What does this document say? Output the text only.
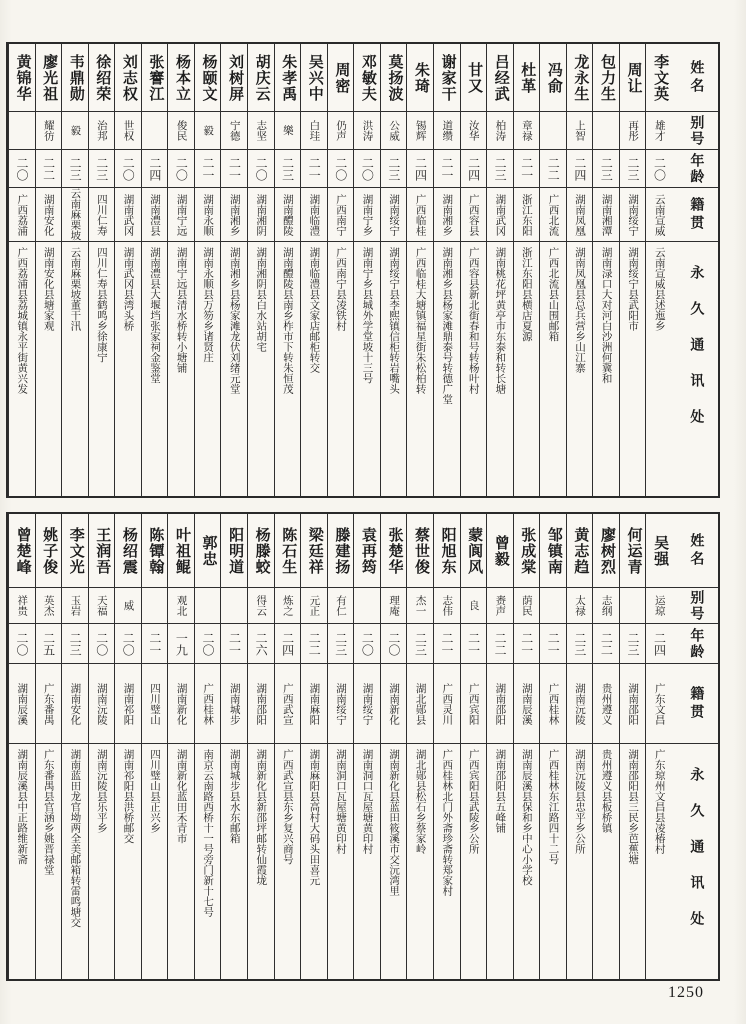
姓名
别号
年龄
籍贯
永久通讯处
李文英
雄才
二〇
云南宣威
云南宣威县述迤乡
周让
再彤
二三
湖南绥宁
湖南绥宁县武阳市
包力生
二三
湖南湘潭
湖南渌口大对河白沙洲何冀和
龙永生
上智
二四
湖南凤凰
湖南凤凰县总兵营乡山江寨
冯俞
二二
广西北流
广西北流县山围邮箱
杜革
章禄
二一
浙江东阳
浙江东阳县横店夏源
吕经武
柏涛
二三
湖南武冈
湖南桃花坪黄亭市东泰和转长塘
甘又
汝华
二四
广西容县
广西容县新北街春和号转杨叶村
谢家干
道缵
二一
湖南湘乡
湖南湘乡县杨家滩鼎泰号转德广堂
朱琦
锡辉
二四
广西临桂
广西临桂大塘镇福星街朱松柏转
莫扬波
公威
二三
湖南绥宁
湖南绥宁县李熙镇信柜转岩嘴头
邓敏夫
洪涛
二〇
湖南宁乡
湖南宁乡县城外学堂坡十三号
周密
仍声
二〇
广西南宁
广西南宁县凌铁村
吴兴中
白珪
二一
湖南临澧
湖南临澧县文家店邮柜转交
朱孝禹
樂
二三
湖南醴陵
湖南醴陵县南乡柞市下转朱恒茂
胡庆云
志坚
二〇
湖南湘阴
湖南湘阴县白水站胡宅
刘树屏
宁德
二一
湖南湘乡
湖南湘乡县杨家滩龙伏刘绪元堂
杨颐文
毅
二一
湖南永顺
湖南永顺县万笏乡诸贤庄
杨本立
俊民
二〇
湖南宁远
湖南宁远县清水桥转小塘铺
张謇江
二四
湖南澧县
湖南澧县大堰垱张家祠金鉴堂
刘志权
世权
二〇
湖南武冈
湖南武冈县湾头桥
徐绍荣
治邦
二三
四川仁寿
四川仁寿县鹤鸣乡徐康宁
韦鼎勋
毅
二三
云南麻栗坡
云南麻栗坡董干汛
廖光祖
耀彷
二二
湖南安化
湖南安化县塘家观
黄锦华
二〇
广西荔浦
广西荔浦县荔城镇永平街黄兴发
姓名
别号
年龄
籍贯
永久通讯处
吴强
运琼
二四
广东文昌
广东琼州文昌县凌椿村
何运青
二三
湖南邵阳
湖南邵阳县三民乡芭蕉塘
廖树烈
志纲
二二
贵州遵义
贵州遵义县板桥镇
黄志趋
太禄
二三
湖南沅陵
湖南沅陵县忠平乡公所
邹镇南
二一
广西桂林
广西桂林东江路四十二号
张成棠
荫民
二一
湖南辰溪
湖南辰溪县保和乡中心小学校
曾毅
赉声
二二
湖南邵阳
湖南邵阳县五峰铺
蒙阆风
良
二一
广西宾阳
广西宾阳县武陵乡公所
阳旭东
志伟
二一
广西灵川
广西桂林北门外斋珍斋转郑家村
蔡世俊
杰一
二三
湖北郧县
湖北郧县松石乡蔡家岭
张楚华
理庵
二〇
湖南新化
湖南新化县蓝田筱溪市交沅湾里
袁再筠
二〇
湖南绥宁
湖南洞口瓦屋塘黄印村
滕建扬
有仁
二三
湖南绥宁
湖南洞口瓦屋塘黄印村
梁廷祥
元正
二二
湖南麻阳
湖南麻阳县高村大码头田喜元
陈石生
炼之
二四
广西武宣
广西武宣县东乡复兴商号
杨滕蛟
得云
二六
湖南邵阳
湖南新化县新邵坪邮转仙霞垅
阳明道
二一
湖南城步
湖南城步县水东邮箱
郭忠
二〇
广西桂林
南京云南路西桥十一号旁门新十七号
叶祖鲲
观北
一九
湖南新化
湖南新化蓝田禾青市
陈镡翰
二一
四川璧山
四川璧山县正兴乡
杨绍震
威
二〇
湖南祁阳
湖南祁阳县洪桥邮交
王润吾
天福
二〇
湖南沅陵
湖南沅陵县乐平乡
李文光
玉岩
二三
湖南安化
湖南蓝田龙官坳两全美邮箱转雷鸣塘交
姚子俊
英杰
二五
广东番禺
广东番禺县官涵乡姚晋禄堂
曾楚峰
祥贵
二〇
湖南辰溪
湖南辰溪县中正路维新斋
1250
